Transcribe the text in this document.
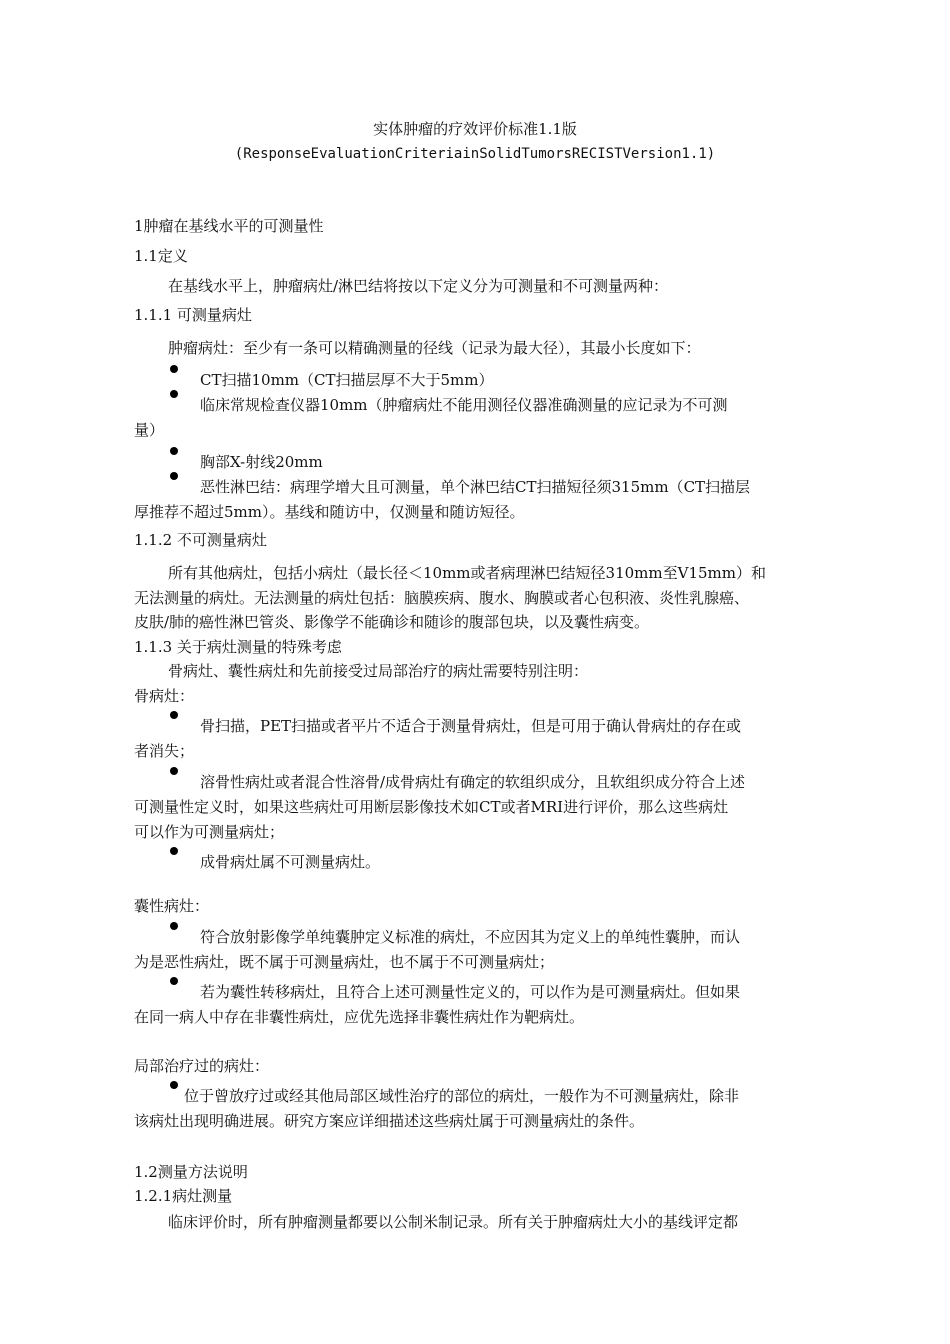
实体肿瘤的疗效评价标准1.1版
(ResponseEvaluationCriteriainSolidTumorsRECISTVersion1.1)
1肿瘤在基线水平的可测量性
1.1定义
在基线水平上，肿瘤病灶/淋巴结将按以下定义分为可测量和不可测量两种：
1.1.1 可测量病灶
肿瘤病灶：至少有一条可以精确测量的径线（记录为最大径），其最小长度如下：
CT扫描10mm（CT扫描层厚不大于5mm）
临床常规检查仪器10mm（肿瘤病灶不能用测径仪器准确测量的应记录为不可测
量）
胸部X-射线20mm
恶性淋巴结：病理学增大且可测量，单个淋巴结CT扫描短径须315mm（CT扫描层
厚推荐不超过5mm）。基线和随访中，仅测量和随访短径。
1.1.2 不可测量病灶
所有其他病灶，包括小病灶（最长径＜10mm或者病理淋巴结短径310mm至V15mm）和
无法测量的病灶。无法测量的病灶包括：脑膜疾病、腹水、胸膜或者心包积液、炎性乳腺癌、
皮肤/肺的癌性淋巴管炎、影像学不能确诊和随诊的腹部包块，以及囊性病变。
1.1.3 关于病灶测量的特殊考虑
骨病灶、囊性病灶和先前接受过局部治疗的病灶需要特别注明：
骨病灶：
骨扫描，PET扫描或者平片不适合于测量骨病灶，但是可用于确认骨病灶的存在或
者消失；
溶骨性病灶或者混合性溶骨/成骨病灶有确定的软组织成分，且软组织成分符合上述
可测量性定义时，如果这些病灶可用断层影像技术如CT或者MRI进行评价，那么这些病灶
可以作为可测量病灶；
成骨病灶属不可测量病灶。
囊性病灶：
符合放射影像学单纯囊肿定义标准的病灶，不应因其为定义上的单纯性囊肿，而认
为是恶性病灶，既不属于可测量病灶，也不属于不可测量病灶；
若为囊性转移病灶，且符合上述可测量性定义的，可以作为是可测量病灶。但如果
在同一病人中存在非囊性病灶，应优先选择非囊性病灶作为靶病灶。
局部治疗过的病灶：
位于曾放疗过或经其他局部区域性治疗的部位的病灶，一般作为不可测量病灶，除非
该病灶出现明确进展。研究方案应详细描述这些病灶属于可测量病灶的条件。
1.2测量方法说明
1.2.1病灶测量
临床评价时，所有肿瘤测量都要以公制米制记录。所有关于肿瘤病灶大小的基线评定都
